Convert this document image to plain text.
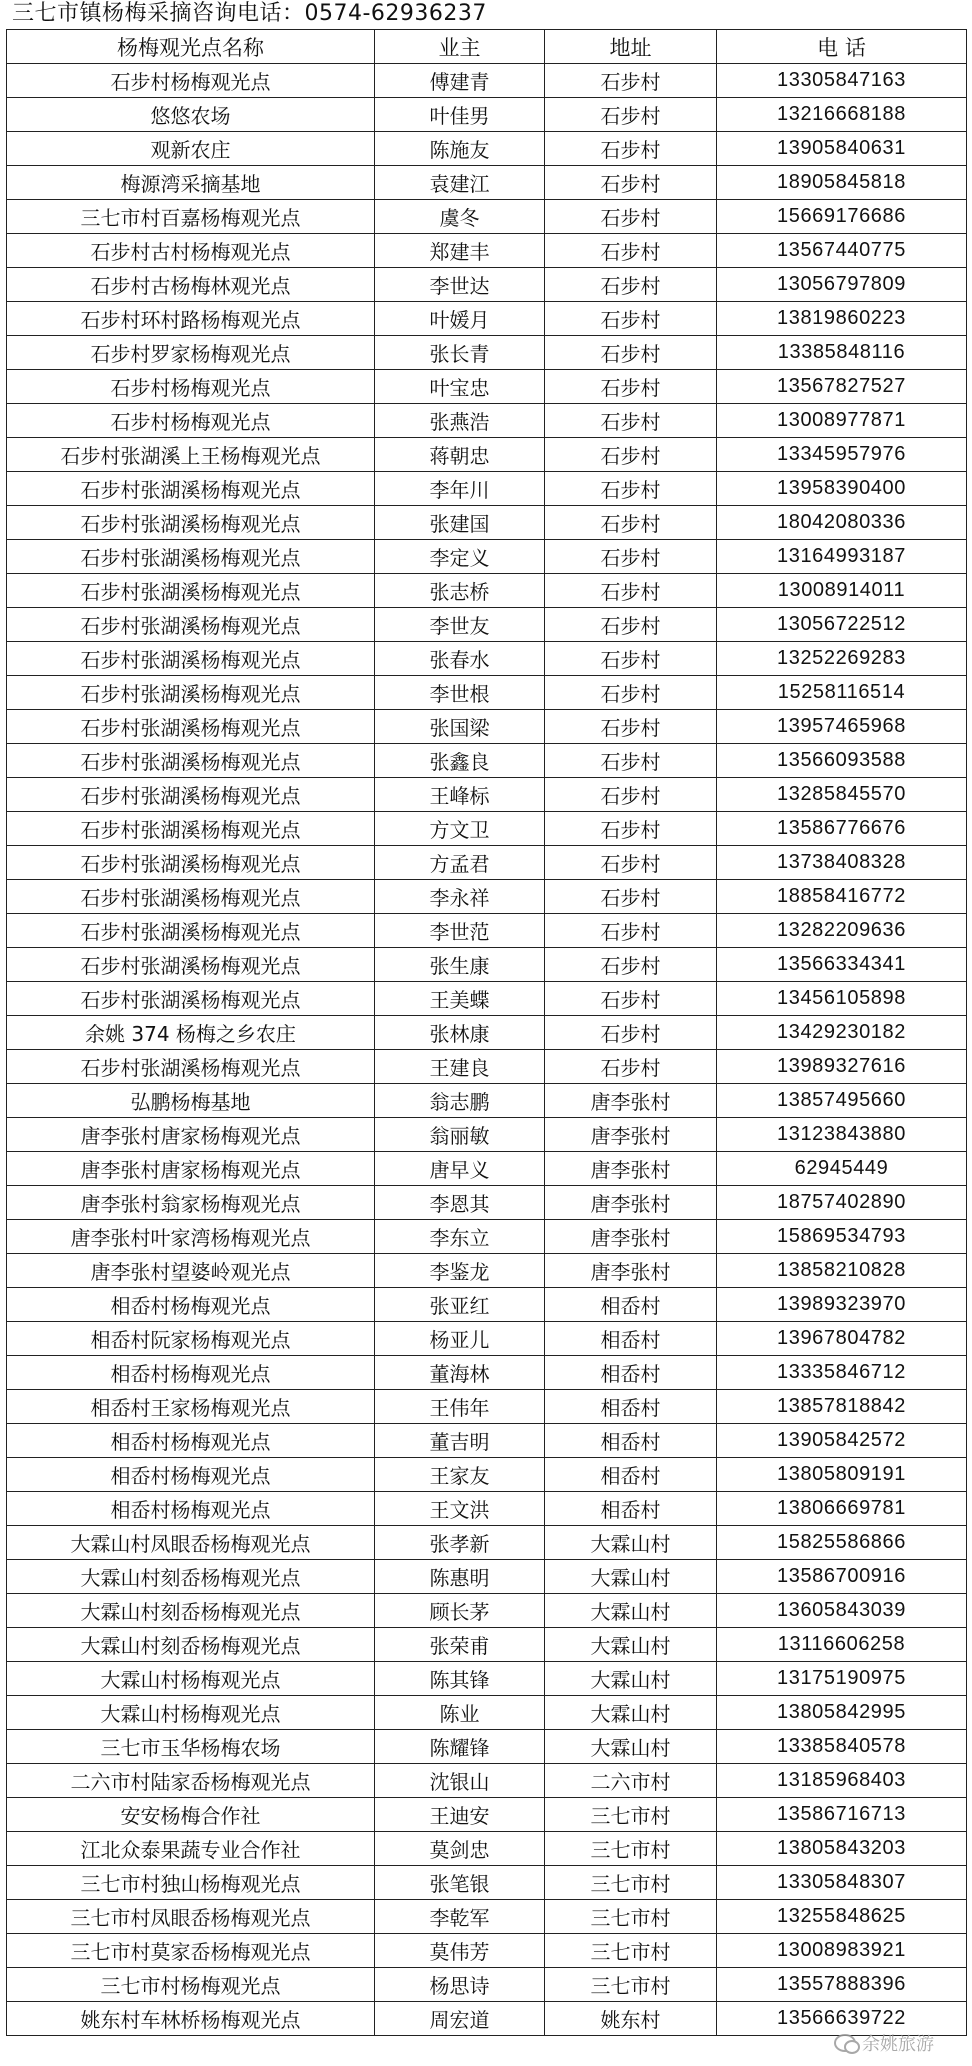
三七市镇杨梅采摘咨询电话：0574-62936237
杨梅观光点名称	业主	地址	电 话
石步村杨梅观光点	傅建青	石步村	13305847163
悠悠农场	叶佳男	石步村	13216668188
观新农庄	陈施友	石步村	13905840631
梅源湾采摘基地	袁建江	石步村	18905845818
三七市村百嘉杨梅观光点	虞冬	石步村	15669176686
石步村古村杨梅观光点	郑建丰	石步村	13567440775
石步村古杨梅林观光点	李世达	石步村	13056797809
石步村环村路杨梅观光点	叶媛月	石步村	13819860223
石步村罗家杨梅观光点	张长青	石步村	13385848116
石步村杨梅观光点	叶宝忠	石步村	13567827527
石步村杨梅观光点	张燕浩	石步村	13008977871
石步村张湖溪上王杨梅观光点	蒋朝忠	石步村	13345957976
石步村张湖溪杨梅观光点	李年川	石步村	13958390400
石步村张湖溪杨梅观光点	张建国	石步村	18042080336
石步村张湖溪杨梅观光点	李定义	石步村	13164993187
石步村张湖溪杨梅观光点	张志桥	石步村	13008914011
石步村张湖溪杨梅观光点	李世友	石步村	13056722512
石步村张湖溪杨梅观光点	张春水	石步村	13252269283
石步村张湖溪杨梅观光点	李世根	石步村	15258116514
石步村张湖溪杨梅观光点	张国梁	石步村	13957465968
石步村张湖溪杨梅观光点	张鑫良	石步村	13566093588
石步村张湖溪杨梅观光点	王峰标	石步村	13285845570
石步村张湖溪杨梅观光点	方文卫	石步村	13586776676
石步村张湖溪杨梅观光点	方孟君	石步村	13738408328
石步村张湖溪杨梅观光点	李永祥	石步村	18858416772
石步村张湖溪杨梅观光点	李世范	石步村	13282209636
石步村张湖溪杨梅观光点	张生康	石步村	13566334341
石步村张湖溪杨梅观光点	王美蝶	石步村	13456105898
余姚 374 杨梅之乡农庄	张林康	石步村	13429230182
石步村张湖溪杨梅观光点	王建良	石步村	13989327616
弘鹏杨梅基地	翁志鹏	唐李张村	13857495660
唐李张村唐家杨梅观光点	翁丽敏	唐李张村	13123843880
唐李张村唐家杨梅观光点	唐早义	唐李张村	62945449
唐李张村翁家杨梅观光点	李恩其	唐李张村	18757402890
唐李张村叶家湾杨梅观光点	李东立	唐李张村	15869534793
唐李张村望婆岭观光点	李鉴龙	唐李张村	13858210828
相岙村杨梅观光点	张亚红	相岙村	13989323970
相岙村阮家杨梅观光点	杨亚儿	相岙村	13967804782
相岙村杨梅观光点	董海林	相岙村	13335846712
相岙村王家杨梅观光点	王伟年	相岙村	13857818842
相岙村杨梅观光点	董吉明	相岙村	13905842572
相岙村杨梅观光点	王家友	相岙村	13805809191
相岙村杨梅观光点	王文洪	相岙村	13806669781
大霖山村凤眼岙杨梅观光点	张孝新	大霖山村	15825586866
大霖山村刻岙杨梅观光点	陈惠明	大霖山村	13586700916
大霖山村刻岙杨梅观光点	顾长茅	大霖山村	13605843039
大霖山村刻岙杨梅观光点	张荣甫	大霖山村	13116606258
大霖山村杨梅观光点	陈其锋	大霖山村	13175190975
大霖山村杨梅观光点	陈业	大霖山村	13805842995
三七市玉华杨梅农场	陈耀锋	大霖山村	13385840578
二六市村陆家岙杨梅观光点	沈银山	二六市村	13185968403
安安杨梅合作社	王迪安	三七市村	13586716713
江北众泰果蔬专业合作社	莫剑忠	三七市村	13805843203
三七市村独山杨梅观光点	张笔银	三七市村	13305848307
三七市村凤眼岙杨梅观光点	李乾军	三七市村	13255848625
三七市村莫家岙杨梅观光点	莫伟芳	三七市村	13008983921
三七市村杨梅观光点	杨思诗	三七市村	13557888396
姚东村车林桥杨梅观光点	周宏道	姚东村	13566639722
余姚旅游
